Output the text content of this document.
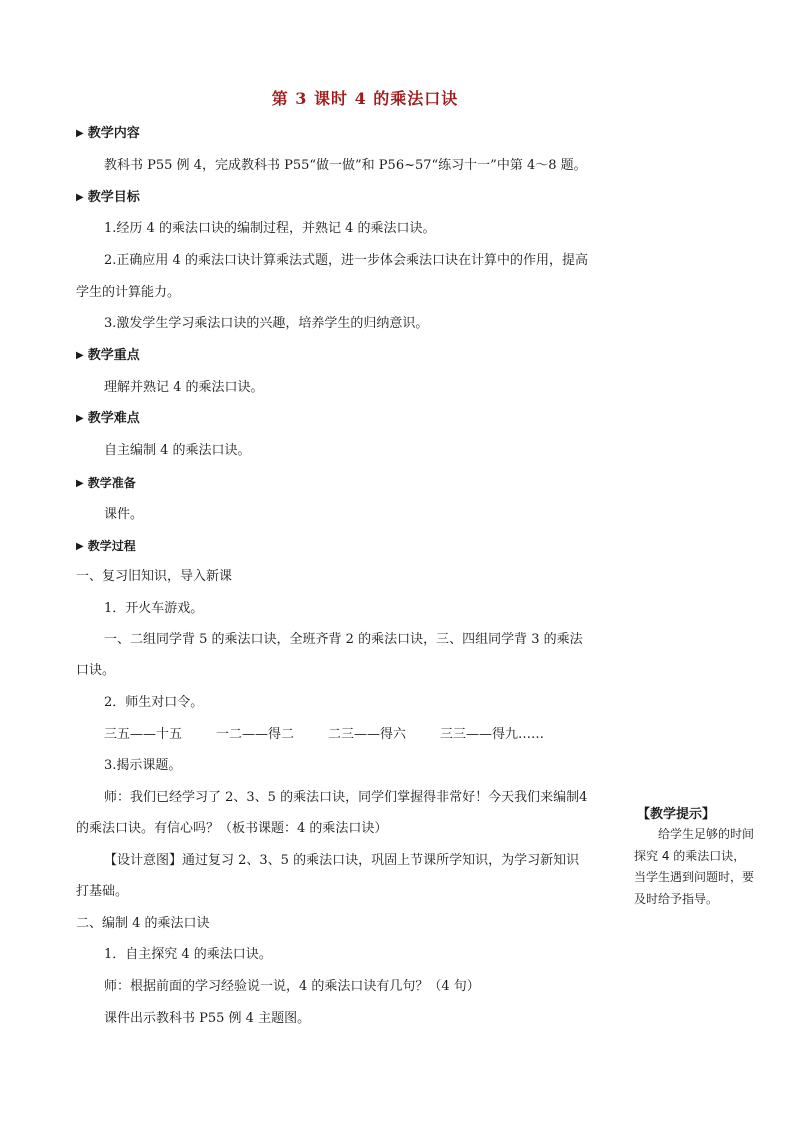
第 3 课时 4 的乘法口诀
▶ 教学内容
教科书 P55 例 4，完成教科书 P55“做一做”和 P56~57“练习十一”中第 4～8 题。
▶ 教学目标
1.经历 4 的乘法口诀的编制过程，并熟记 4 的乘法口诀。
2.正确应用 4 的乘法口诀计算乘法式题，进一步体会乘法口诀在计算中的作用，提高
学生的计算能力。
3.激发学生学习乘法口诀的兴趣，培养学生的归纳意识。
▶ 教学重点
理解并熟记 4 的乘法口诀。
▶ 教学难点
自主编制 4 的乘法口诀。
▶ 教学准备
课件。
▶ 教学过程
一、复习旧知识，导入新课
1．开火车游戏。
一、二组同学背 5 的乘法口诀，全班齐背 2 的乘法口诀，三、四组同学背 3 的乘法
口诀。
2．师生对口令。
三五——十五	一二——得二	二三——得六	三三——得九……
3.揭示课题。
师：我们已经学习了 2、3、5 的乘法口诀，同学们掌握得非常好！今天我们来编制4
的乘法口诀。有信心吗？（板书课题：4 的乘法口诀）
【设计意图】通过复习 2、3、5 的乘法口诀，巩固上节课所学知识，为学习新知识
打基础。
二、编制 4 的乘法口诀
1．自主探究 4 的乘法口诀。
师：根据前面的学习经验说一说，4 的乘法口诀有几句？（4 句）
课件出示教科书 P55 例 4 主题图。
【教学提示】
给学生足够的时间探究 4 的乘法口诀，当学生遇到问题时，要及时给予指导。
